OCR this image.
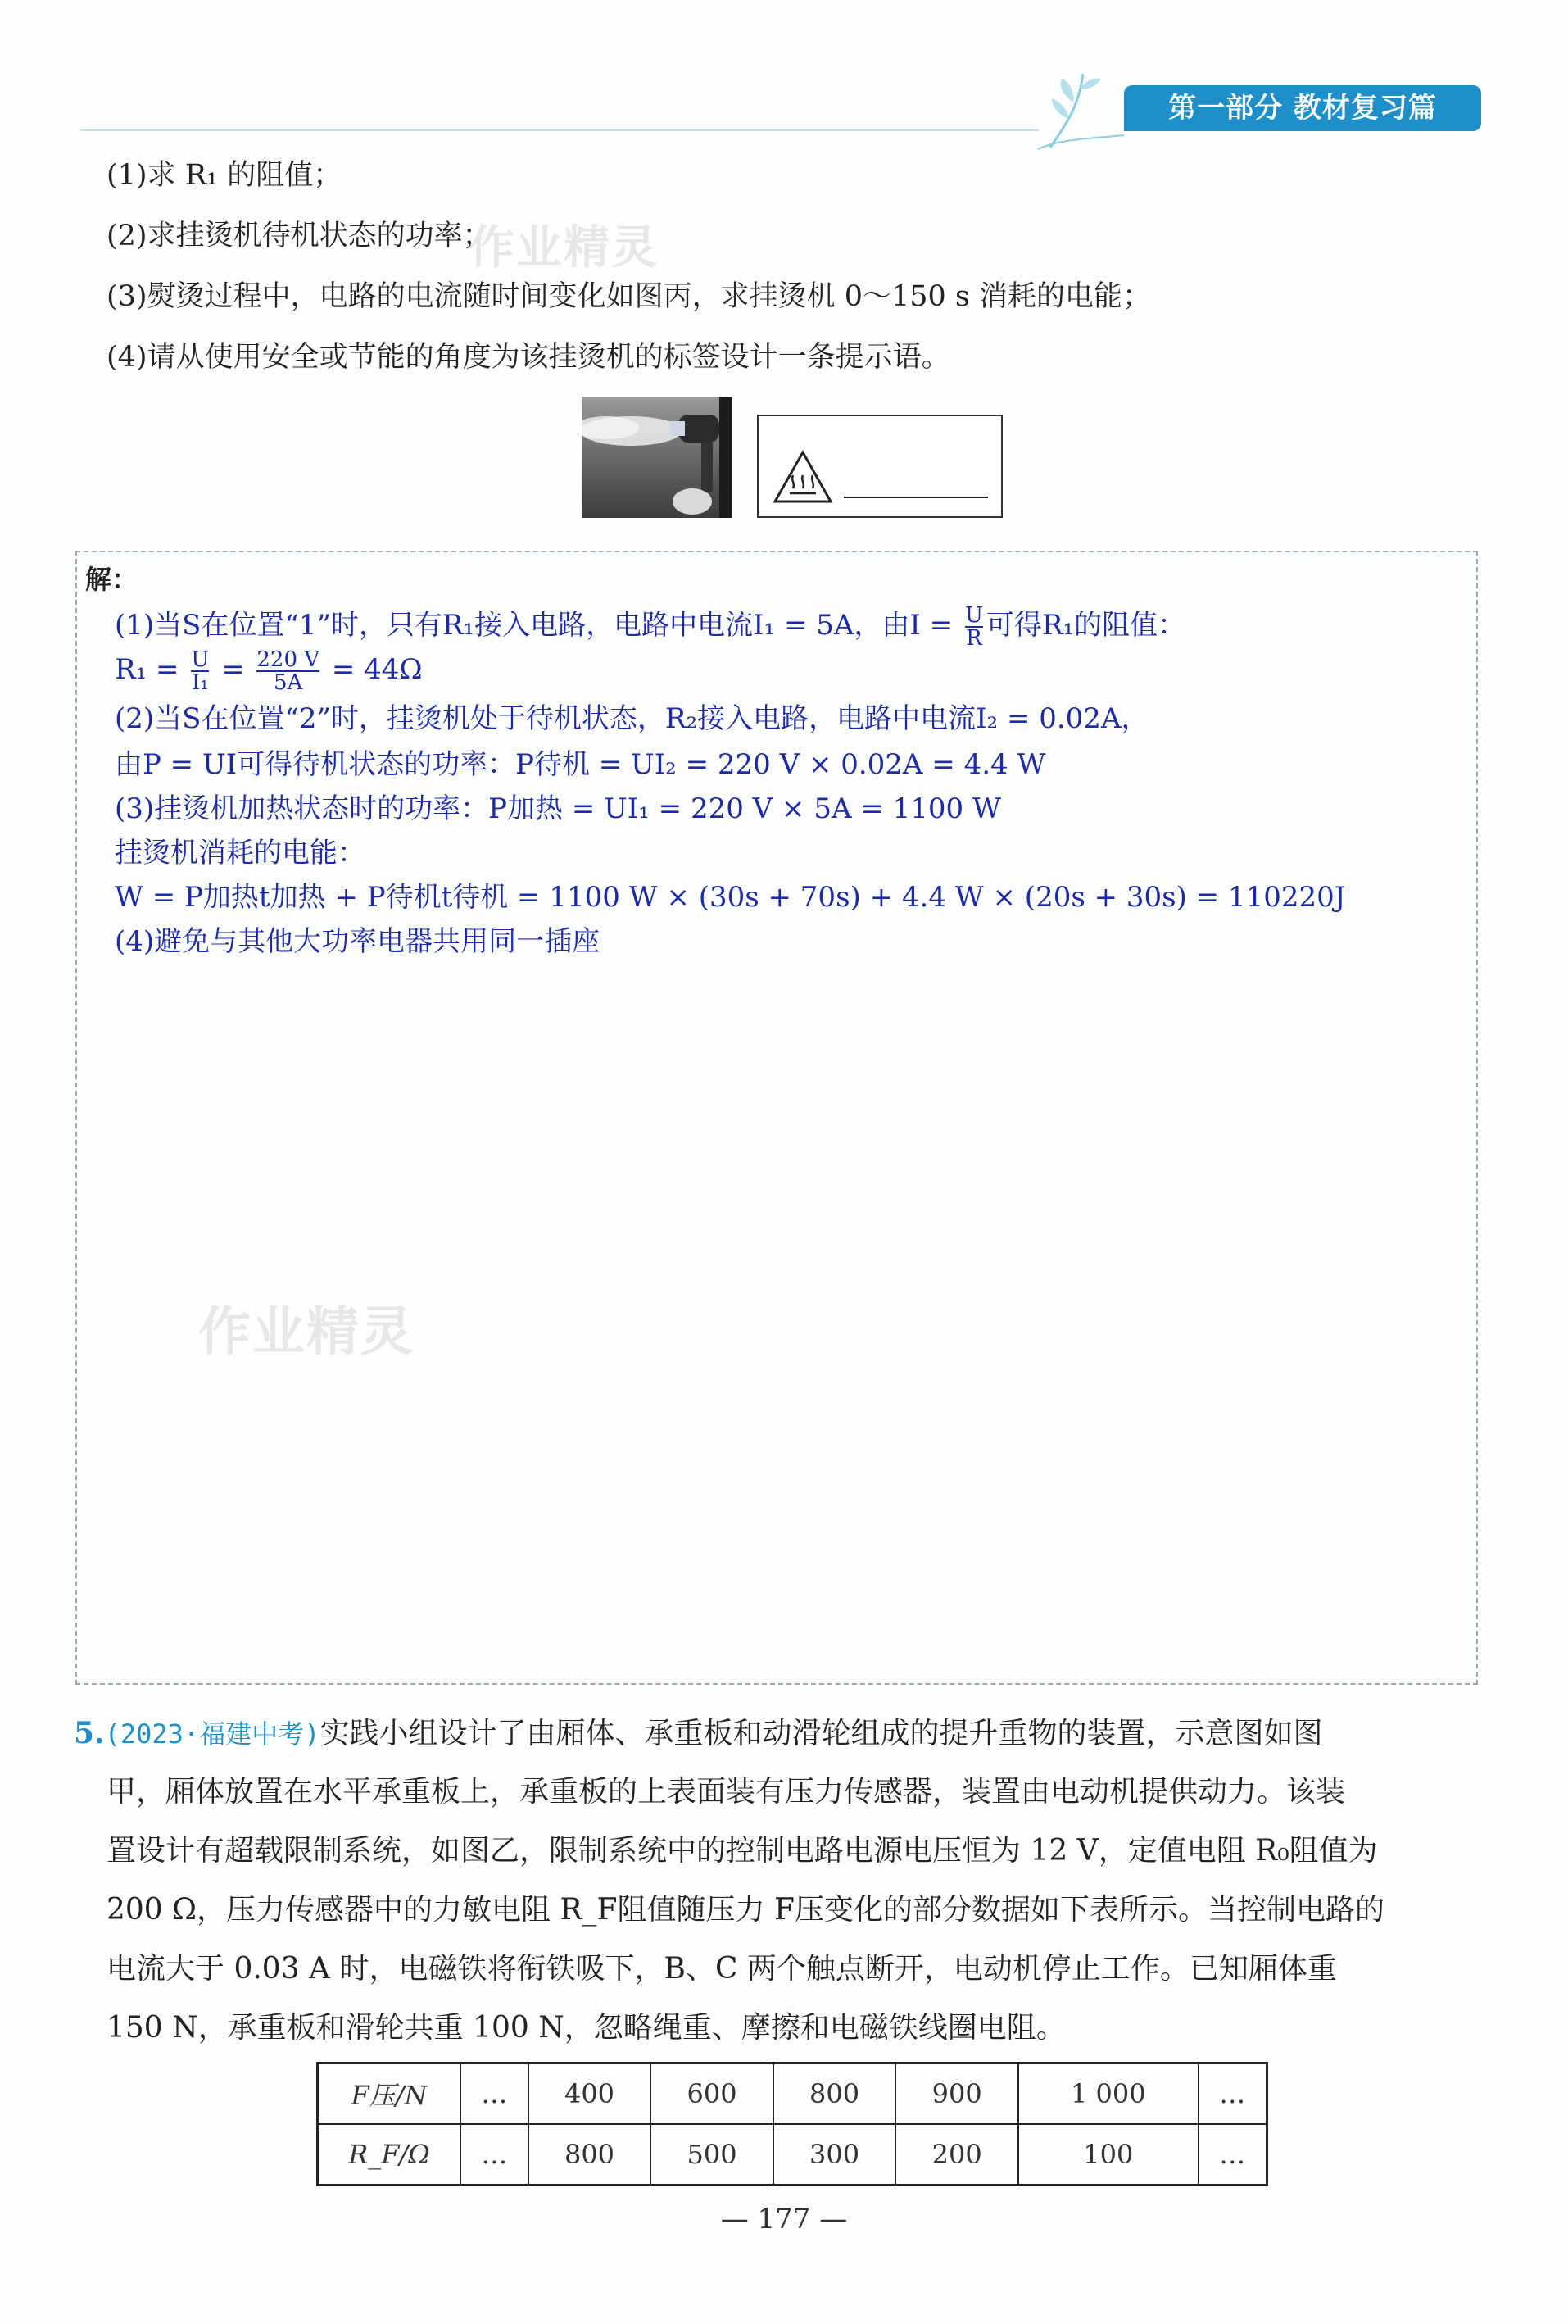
第一部分 教材复习篇
(1)求 R₁ 的阻值；
(2)求挂烫机待机状态的功率；
(3)熨烫过程中，电路的电流随时间变化如图丙，求挂烫机 0～150 s 消耗的电能；
(4)请从使用安全或节能的角度为该挂烫机的标签设计一条提示语。
作业精灵
解：
(1)当S在位置“1”时，只有R₁接入电路，电路中电流I₁ = 5A，由$I = \frac{U}{R}$ 可得R₁的阻值：
$R_1 = \frac{U}{\text{I₁}} = \frac{220 V}{5A} = 44\Omega$
(2)当S在位置“2”时，挂烫机处于待机状态，R₂接入电路，电路中电流I₂ = 0.02A，
由P = UI可得待机状态的功率：P待机 = UI₂ = 220 V × 0.02A = 4.4 W
(3)挂烫机加热状态时的功率：P加热 = UI₁ = 220 V × 5A = 1100 W
挂烫机消耗的电能：
W = P加热t加热 + P待机t待机 = 1100 W × (30s + 70s) + 4.4 W × (20s + 30s) = 110220J
(4)避免与其他大功率电器共用同一插座
作业精灵
5.(2023·福建中考)实践小组设计了由厢体、承重板和动滑轮组成的提升重物的装置，示意图如图
甲，厢体放置在水平承重板上，承重板的上表面装有压力传感器，装置由电动机提供动力。该装
置设计有超载限制系统，如图乙，限制系统中的控制电路电源电压恒为 12 V，定值电阻 R₀阻值为
200 Ω，压力传感器中的力敏电阻 R_F阻值随压力 F压变化的部分数据如下表所示。当控制电路的
电流大于 0.03 A 时，电磁铁将衔铁吸下，B、C 两个触点断开，电动机停止工作。已知厢体重
150 N，承重板和滑轮共重 100 N，忽略绳重、摩擦和电磁铁线圈电阻。
F压/N	…	400	600	800	900	1 000	…
R_F/Ω	…	800	500	300	200	100	…
— 177 —
